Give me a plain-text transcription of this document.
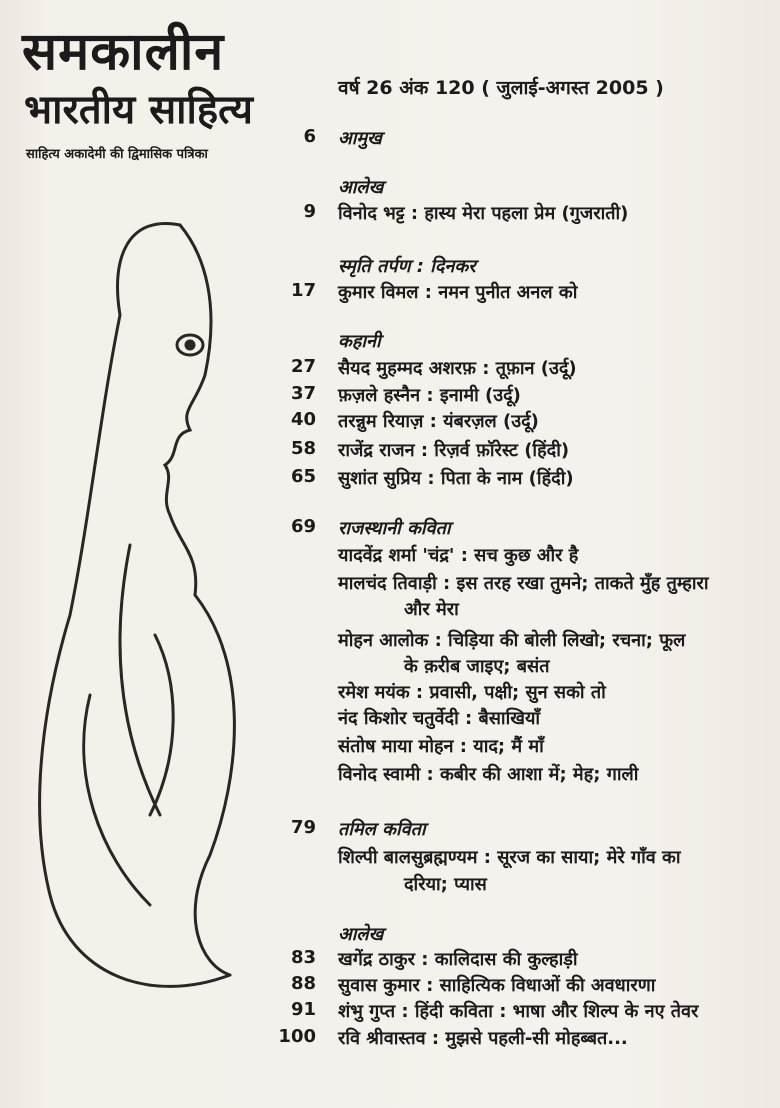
समकालीन
भारतीय साहित्य
साहित्य अकादेमी की द्विमासिक पत्रिका
वर्ष 26 अंक 120 ( जुलाई-अगस्त 2005 )
6 आमुख
आलेख
9 विनोद भट्ट : हास्य मेरा पहला प्रेम (गुजराती)
स्मृति तर्पण : दिनकर
17 कुमार विमल : नमन पुनीत अनल को
कहानी
27 सैयद मुहम्मद अशरफ़ : तूफ़ान (उर्दू)
37 फ़ज़ले हस्नैन : इनामी (उर्दू)
40 तरन्नुम रियाज़ : यंबरज़ल (उर्दू)
58 राजेंद्र राजन : रिज़र्व फ़ॉरेस्ट (हिंदी)
65 सुशांत सुप्रिय : पिता के नाम (हिंदी)
69 राजस्थानी कविता
यादवेंद्र शर्मा 'चंद्र' : सच कुछ और है
मालचंद तिवाड़ी : इस तरह रखा तुमने; ताकते मुँह तुम्हारा
और मेरा
मोहन आलोक : चिड़िया की बोली लिखो; रचना; फूल
के क़रीब जाइए; बसंत
रमेश मयंक : प्रवासी, पक्षी; सुन सको तो
नंद किशोर चतुर्वेदी : बैसाखियाँ
संतोष माया मोहन : याद; मैं माँ
विनोद स्वामी : कबीर की आशा में; मेह; गाली
79 तमिल कविता
शिल्पी बालसुब्रह्मण्यम : सूरज का साया; मेरे गाँव का
दरिया; प्यास
आलेख
83 खगेंद्र ठाकुर : कालिदास की कुल्हाड़ी
88 सुवास कुमार : साहित्यिक विधाओं की अवधारणा
91 शंभु गुप्त : हिंदी कविता : भाषा और शिल्प के नए तेवर
100 रवि श्रीवास्तव : मुझसे पहली-सी मोहब्बत...
